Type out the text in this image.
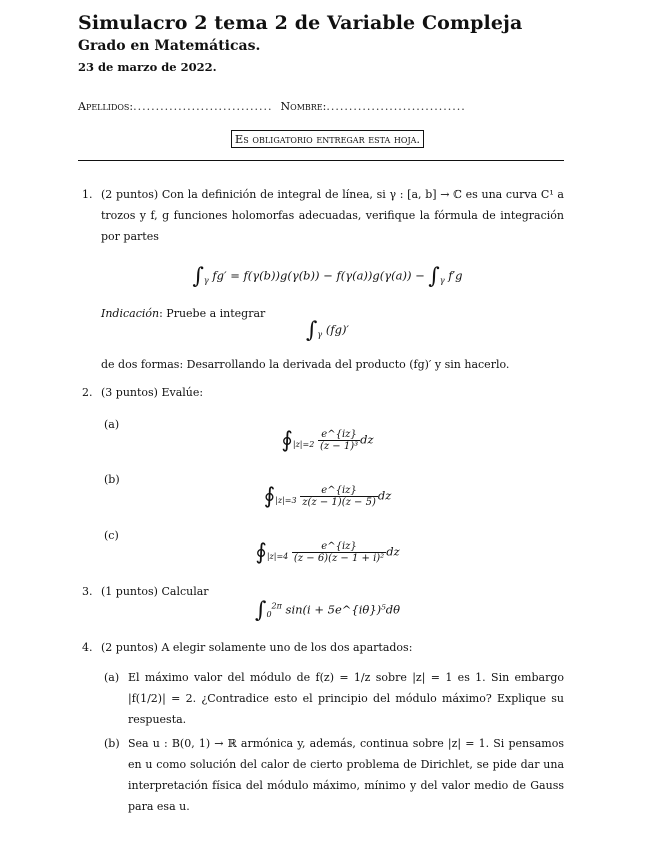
Simulacro 2 tema 2 de Variable Compleja
Grado en Matemáticas.
23 de marzo de 2022.
Apellidos: ............................... Nombre: ...............................
Es obligatorio entregar esta hoja.
1. (2 puntos) Con la definición de integral de línea, si γ : [a, b] → ℂ es una curva C¹ a trozos y f, g funciones holomorfas adecuadas, verifique la fórmula de integración por partes
$\int_\gamma$ $fg' = f(\gamma(b))g(\gamma(b)) - f(\gamma(a))g(\gamma(a)) - \int_\gamma$ f′g
Indicación: Pruebe a integrar
$\int_\gamma$ (fg)′
de dos formas: Desarrollando la derivada del producto (fg)′ y sin hacerlo.
2. (3 puntos) Evalúe:
(a)
$∮_{|z|=2} \frac{e\^{}\{iz\}}{\text{(z − 1)³}}$ dz
(b)
$∮_{|z|=3} \frac{e\^{}\{iz\}}{z(z - 1)(z - 5)}$ dz
(c)
$∮_{|z|=4} \frac{e\^{}\{iz\}}{\text{(z − 6)(z − 1 + i)²}}$ dz
3. (1 puntos) Calcular
$\int_0^{2\pi}$ sin(i + 5e^{iθ})⁵dθ
4. (2 puntos) A elegir solamente uno de los dos apartados:
(a) El máximo valor del módulo de f(z) = 1/z sobre |z| = 1 es 1. Sin embargo |f(1/2)| = 2. ¿Contradice esto el principio del módulo máximo? Explique su respuesta.
(b) Sea u : B(0, 1) → ℝ armónica y, además, continua sobre |z| = 1. Si pensamos en u como solución del calor de cierto problema de Dirichlet, se pide dar una interpretación física del módulo máximo, mínimo y del valor medio de Gauss para esa u.
